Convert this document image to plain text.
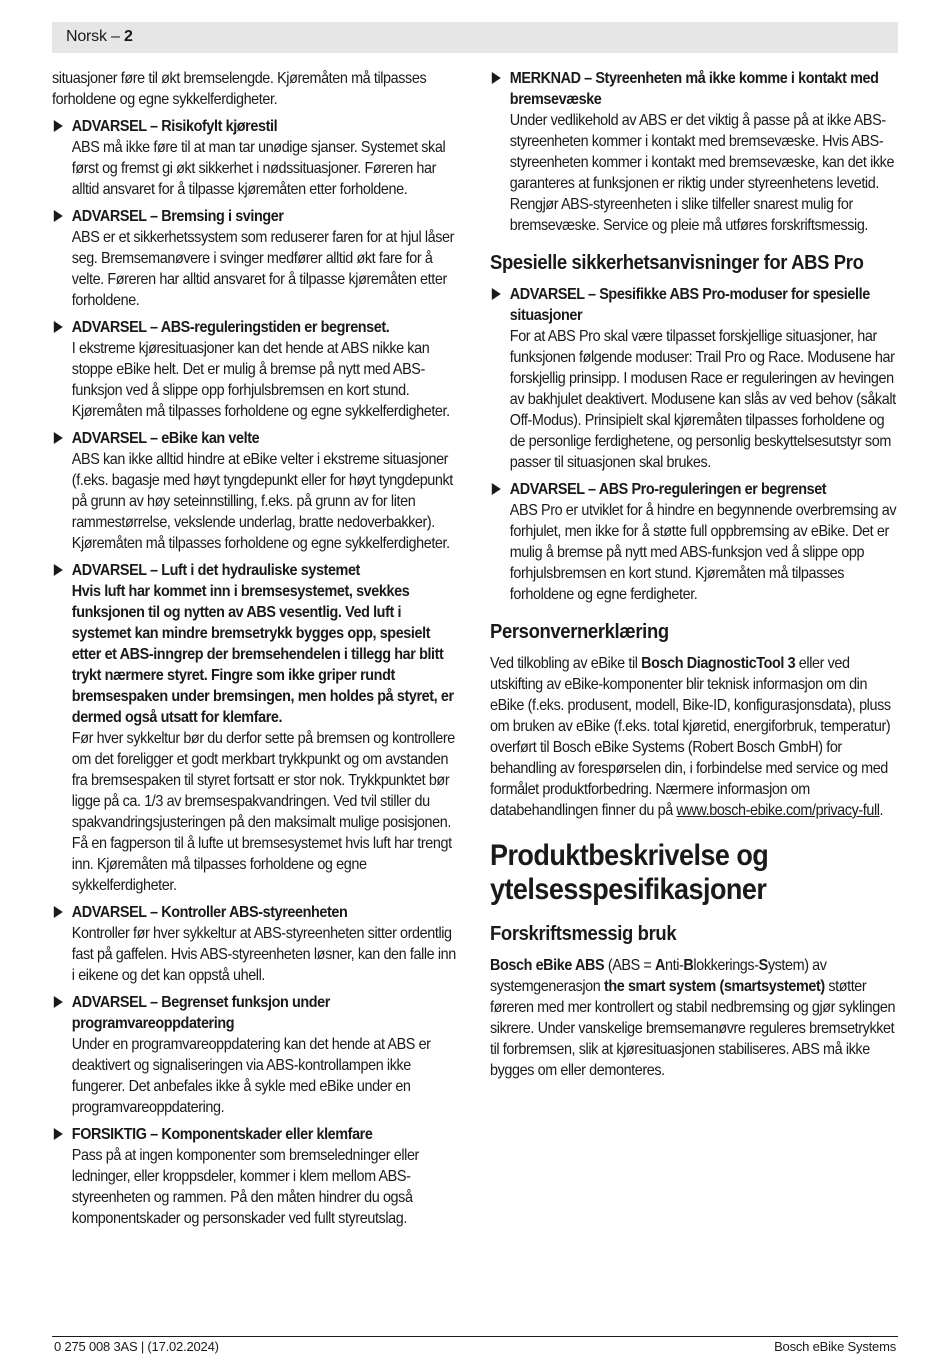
Norsk – 2

situasjoner føre til økt bremselengde. Kjøremåten må tilpasses forholdene og egne sykkelferdigheter.

ADVARSEL – Risikofylt kjørestil
ABS må ikke føre til at man tar unødige sjanser. Systemet skal først og fremst gi økt sikkerhet i nødssituasjoner. Føreren har alltid ansvaret for å tilpasse kjøremåten etter forholdene.
ADVARSEL – Bremsing i svinger
ABS er et sikkerhetssystem som reduserer faren for at hjul låser seg. Bremsemanøvere i svinger medfører alltid økt fare for å velte. Føreren har alltid ansvaret for å tilpasse kjøremåten etter forholdene.
ADVARSEL – ABS-reguleringstiden er begrenset.
I ekstreme kjøresituasjoner kan det hende at ABS nikke kan stoppe eBike helt. Det er mulig å bremse på nytt med ABS-funksjon ved å slippe opp forhjulsbremsen en kort stund. Kjøremåten må tilpasses forholdene og egne sykkelferdigheter.
ADVARSEL – eBike kan velte
ABS kan ikke alltid hindre at eBike velter i ekstreme situasjoner (f.eks. bagasje med høyt tyngdepunkt eller for høyt tyngdepunkt på grunn av høy seteinnstilling, f.eks. på grunn av for liten rammestørrelse, vekslende underlag, bratte nedoverbakker). Kjøremåten må tilpasses forholdene og egne sykkelferdigheter.
ADVARSEL – Luft i det hydrauliske systemet
Hvis luft har kommet inn i bremsesystemet, svekkes funksjonen til og nytten av ABS vesentlig. Ved luft i systemet kan mindre bremsetrykk bygges opp, spesielt etter et ABS-inngrep der bremsehendelen i tillegg har blitt trykt nærmere styret. Fingre som ikke griper rundt bremsespaken under bremsingen, men holdes på styret, er dermed også utsatt for klemfare.
Før hver sykkeltur bør du derfor sette på bremsen og kontrollere om det foreligger et godt merkbart trykkpunkt og om avstanden fra bremsespaken til styret fortsatt er stor nok. Trykkpunktet bør ligge på ca. 1/3 av bremsespakvandringen. Ved tvil stiller du spakvandringsjusteringen på den maksimalt mulige posisjonen. Få en fagperson til å lufte ut bremsesystemet hvis luft har trengt inn. Kjøremåten må tilpasses forholdene og egne sykkelferdigheter.
ADVARSEL – Kontroller ABS-styreenheten
Kontroller før hver sykkeltur at ABS-styreenheten sitter ordentlig fast på gaffelen. Hvis ABS-styreenheten løsner, kan den falle inn i eikene og det kan oppstå uhell.
ADVARSEL – Begrenset funksjon under programvareoppdatering
Under en programvareoppdatering kan det hende at ABS er deaktivert og signaliseringen via ABS-kontrollampen ikke fungerer. Det anbefales ikke å sykle med eBike under en programvareoppdatering.
FORSIKTIG – Komponentskader eller klemfare
Pass på at ingen komponenter som bremseledninger eller ledninger, eller kroppsdeler, kommer i klem mellom ABS-styreenheten og rammen. På den måten hindrer du også komponentskader og personskader ved fullt styreutslag.
MERKNAD – Styreenheten må ikke komme i kontakt med bremsevæske
Under vedlikehold av ABS er det viktig å passe på at ikke ABS-styreenheten kommer i kontakt med bremsevæske. Hvis ABS-styreenheten kommer i kontakt med bremsevæske, kan det ikke garanteres at funksjonen er riktig under styreenhetens levetid. Rengjør ABS-styreenheten i slike tilfeller snarest mulig for bremsevæske. Service og pleie må utføres forskriftsmessig.
Spesielle sikkerhetsanvisninger for ABS Pro
ADVARSEL – Spesifikke ABS Pro-moduser for spesielle situasjoner
For at ABS Pro skal være tilpasset forskjellige situasjoner, har funksjonen følgende moduser: Trail Pro og Race. Modusene har forskjellig prinsipp. I modusen Race er reguleringen av hevingen av bakhjulet deaktivert. Modusene kan slås av ved behov (såkalt Off-Modus). Prinsipielt skal kjøremåten tilpasses forholdene og de personlige ferdighetene, og personlig beskyttelsesutstyr som passer til situasjonen skal brukes.
ADVARSEL – ABS Pro-reguleringen er begrenset
ABS Pro er utviklet for å hindre en begynnende overbremsing av forhjulet, men ikke for å støtte full oppbremsing av eBike. Det er mulig å bremse på nytt med ABS-funksjon ved å slippe opp forhjulsbremsen en kort stund. Kjøremåten må tilpasses forholdene og egne ferdigheter.
Personvernerklæring

Ved tilkobling av eBike til Bosch DiagnosticTool 3 eller ved utskifting av eBike-komponenter blir teknisk informasjon om din eBike (f.eks. produsent, modell, Bike-ID, konfigurasjonsdata), pluss om bruken av eBike (f.eks. total kjøretid, energiforbruk, temperatur) overført til Bosch eBike Systems (Robert Bosch GmbH) for behandling av forespørselen din, i forbindelse med service og med formålet produktforbedring. Nærmere informasjon om databehandlingen finner du på www.bosch-ebike.com/privacy-full.

Produktbeskrivelse og ytelsesspesifikasjoner
Forskriftsmessig bruk

Bosch eBike ABS (ABS = Anti-Blokkerings-System) av systemgenerasjon the smart system (smartsystemet) støtter føreren med mer kontrollert og stabil nedbremsing og gjør syklingen sikrere. Under vanskelige bremsemanøvre reguleres bremsetrykket til forbremsen, slik at kjøresituasjonen stabiliseres. ABS må ikke bygges om eller demonteres.

0 275 008 3AS | (17.02.2024)	Bosch eBike Systems
